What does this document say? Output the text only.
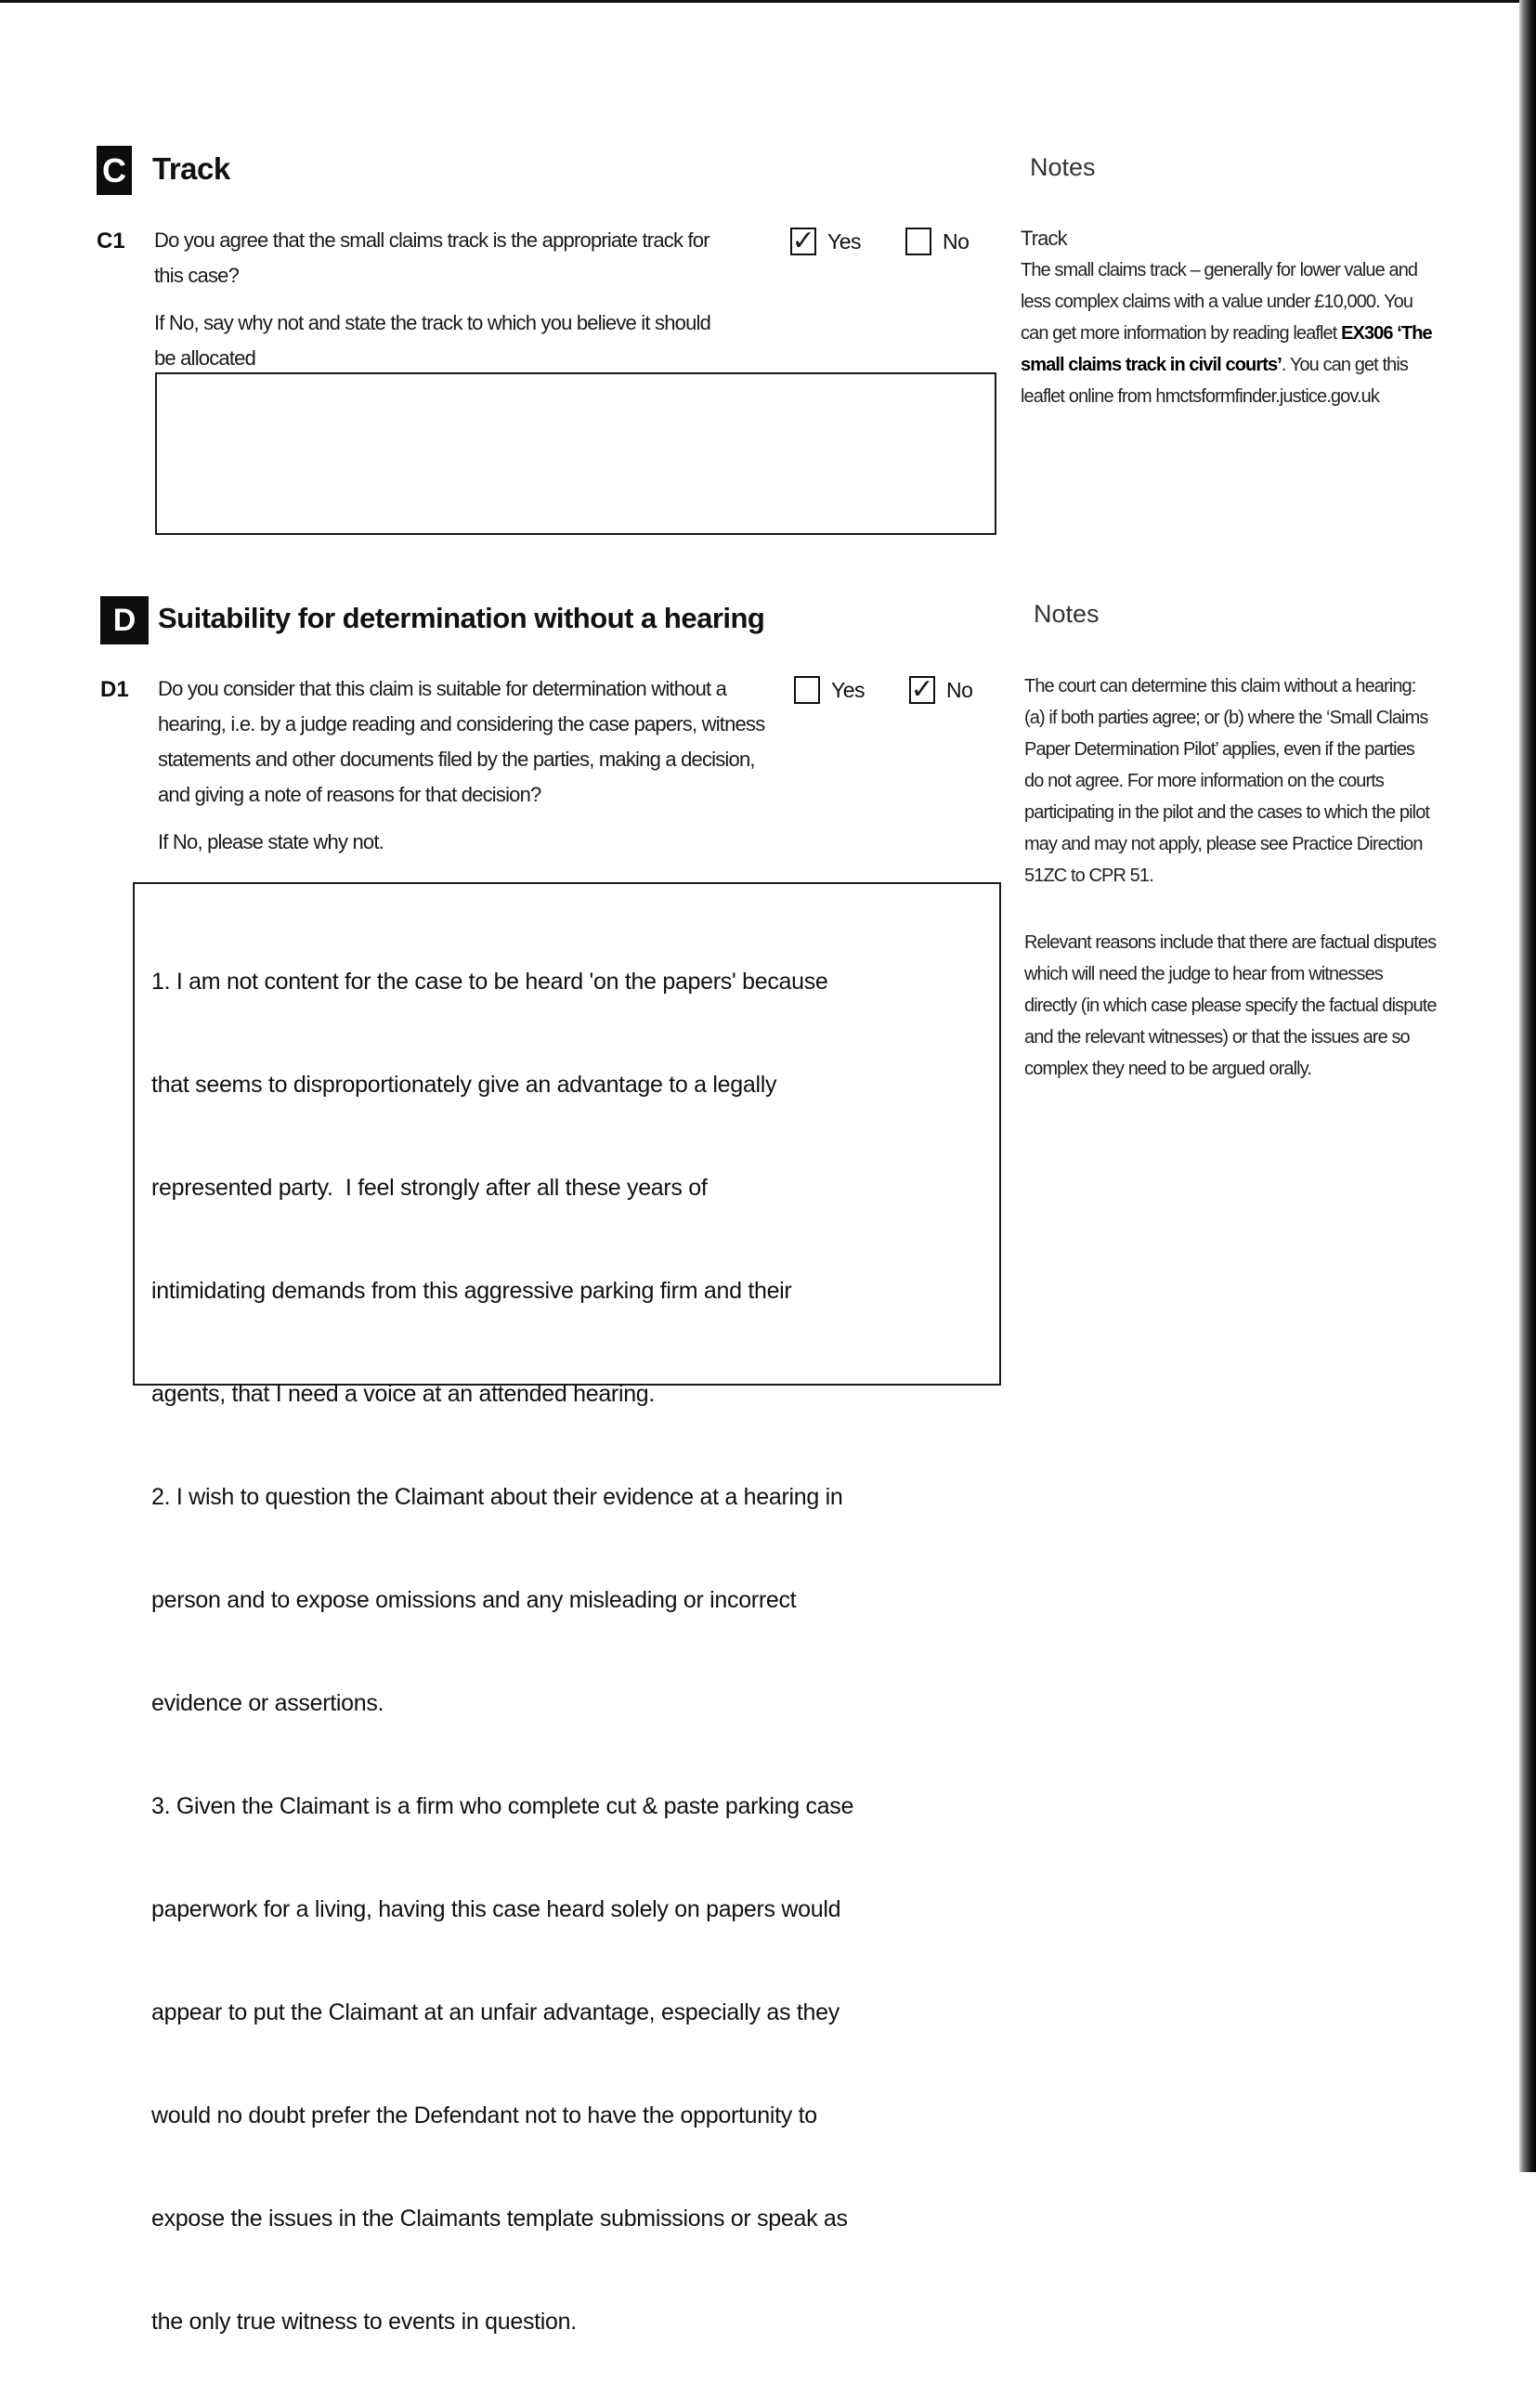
C Track
C1 Do you agree that the small claims track is the appropriate track for
this case?
✓ Yes	No
If No, say why not and state the track to which you believe it should
be allocated
Notes
Track
The small claims track – generally for lower value and
less complex claims with a value under £10,000. You
can get more information by reading leaflet EX306 ‘The
small claims track in civil courts’. You can get this
leaflet online from hmctsformfinder.justice.gov.uk
D Suitability for determination without a hearing
D1 Do you consider that this claim is suitable for determination without a
hearing, i.e. by a judge reading and considering the case papers, witness
statements and other documents filed by the parties, making a decision,
and giving a note of reasons for that decision?
Yes ✓ No
If No, please state why not.

1. I am not content for the case to be heard 'on the papers' because

that seems to disproportionately give an advantage to a legally

represented party.  I feel strongly after all these years of

intimidating demands from this aggressive parking firm and their

agents, that I need a voice at an attended hearing.

2. I wish to question the Claimant about their evidence at a hearing in

person and to expose omissions and any misleading or incorrect

evidence or assertions.

3. Given the Claimant is a firm who complete cut & paste parking case

paperwork for a living, having this case heard solely on papers would

appear to put the Claimant at an unfair advantage, especially as they

would no doubt prefer the Defendant not to have the opportunity to

expose the issues in the Claimants template submissions or speak as

the only true witness to events in question.

Notes
The court can determine this claim without a hearing:
(a) if both parties agree; or (b) where the ‘Small Claims
Paper Determination Pilot’ applies, even if the parties
do not agree. For more information on the courts
participating in the pilot and the cases to which the pilot
may and may not apply, please see Practice Direction
51ZC to CPR 51.
Relevant reasons include that there are factual disputes
which will need the judge to hear from witnesses
directly (in which case please specify the factual dispute
and the relevant witnesses) or that the issues are so
complex they need to be argued orally.
